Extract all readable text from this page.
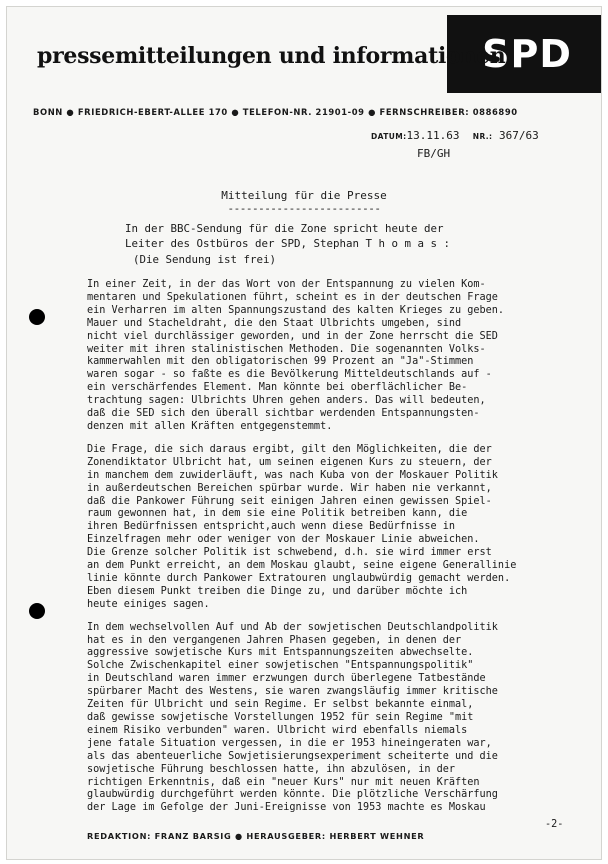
SPD
pressemitteilungen und informationen
BONN ● FRIEDRICH-EBERT-ALLEE 170 ● TELEFON-NR. 21901-09 ● FERNSCHREIBER: 0886890
DATUM:13.11.63 NR.: 367/63
FB/GH
Mitteilung für die Presse
-------------------------
In der BBC-Sendung für die Zone spricht heute der
Leiter des Ostbüros der SPD, Stephan T h o m a s :
(Die Sendung ist frei)
In einer Zeit, in der das Wort von der Entspannung zu vielen Kom-
mentaren und Spekulationen führt, scheint es in der deutschen Frage
ein Verharren im alten Spannungszustand des kalten Krieges zu geben.
Mauer und Stacheldraht, die den Staat Ulbrichts umgeben, sind
nicht viel durchlässiger geworden, und in der Zone herrscht die SED
weiter mit ihren stalinistischen Methoden. Die sogenannten Volks-
kammerwahlen mit den obligatorischen 99 Prozent an "Ja"-Stimmen
waren sogar - so faßte es die Bevölkerung Mitteldeutschlands auf -
ein verschärfendes Element. Man könnte bei oberflächlicher Be-
trachtung sagen: Ulbrichts Uhren gehen anders. Das will bedeuten,
daß die SED sich den überall sichtbar werdenden Entspannungsten-
denzen mit allen Kräften entgegenstemmt.
Die Frage, die sich daraus ergibt, gilt den Möglichkeiten, die der
Zonendiktator Ulbricht hat, um seinen eigenen Kurs zu steuern, der
in manchem dem zuwiderläuft, was nach Kuba von der Moskauer Politik
in außerdeutschen Bereichen spürbar wurde. Wir haben nie verkannt,
daß die Pankower Führung seit einigen Jahren einen gewissen Spiel-
raum gewonnen hat, in dem sie eine Politik betreiben kann, die
ihren Bedürfnissen entspricht,auch wenn diese Bedürfnisse in
Einzelfragen mehr oder weniger von der Moskauer Linie abweichen.
Die Grenze solcher Politik ist schwebend, d.h. sie wird immer erst
an dem Punkt erreicht, an dem Moskau glaubt, seine eigene Generallinie
linie könnte durch Pankower Extratouren unglaubwürdig gemacht werden.
Eben diesem Punkt treiben die Dinge zu, und darüber möchte ich
heute einiges sagen.
In dem wechselvollen Auf und Ab der sowjetischen Deutschlandpolitik
hat es in den vergangenen Jahren Phasen gegeben, in denen der
aggressive sowjetische Kurs mit Entspannungszeiten abwechselte.
Solche Zwischenkapitel einer sowjetischen "Entspannungspolitik"
in Deutschland waren immer erzwungen durch überlegene Tatbestände
spürbarer Macht des Westens, sie waren zwangsläufig immer kritische
Zeiten für Ulbricht und sein Regime. Er selbst bekannte einmal,
daß gewisse sowjetische Vorstellungen 1952 für sein Regime "mit
einem Risiko verbunden" waren. Ulbricht wird ebenfalls niemals
jene fatale Situation vergessen, in die er 1953 hineingeraten war,
als das abenteuerliche Sowjetisierungsexperiment scheiterte und die
sowjetische Führung beschlossen hatte, ihn abzulösen, in der
richtigen Erkenntnis, daß ein "neuer Kurs" nur mit neuen Kräften
glaubwürdig durchgeführt werden könnte. Die plötzliche Verschärfung
der Lage im Gefolge der Juni-Ereignisse von 1953 machte es Moskau
-2-
REDAKTION: FRANZ BARSIG ● HERAUSGEBER: HERBERT WEHNER
